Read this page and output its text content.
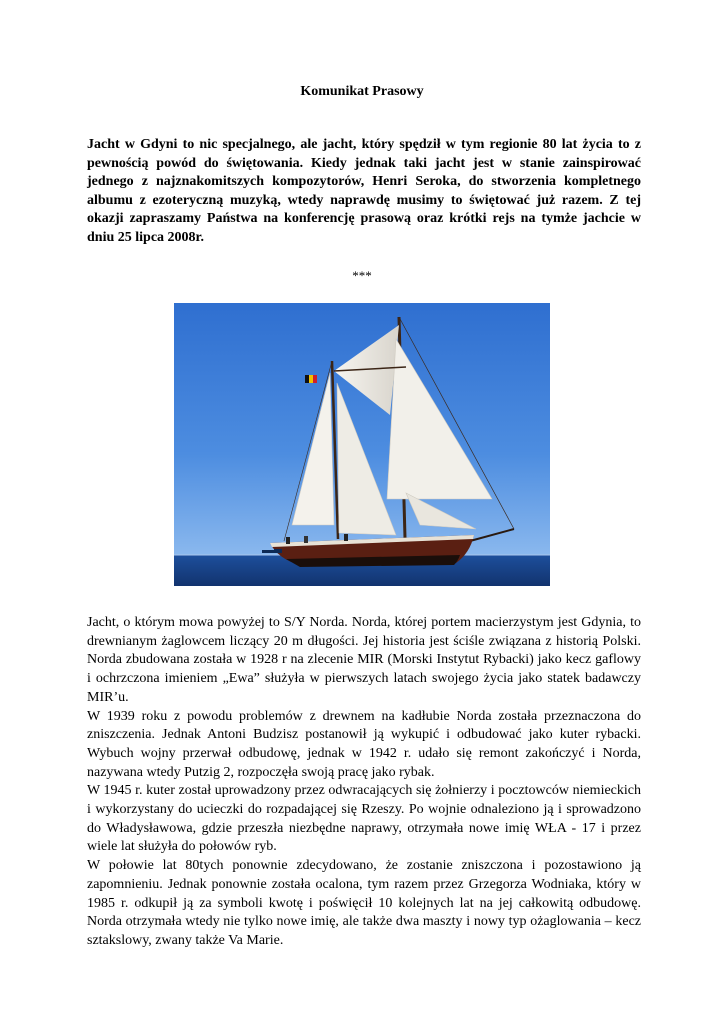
Komunikat Prasowy

Jacht w Gdyni to nic specjalnego, ale jacht, który spędził w tym regionie 80 lat życia to z pewnością powód do świętowania. Kiedy jednak taki jacht jest w stanie zainspirować jednego z najznakomitszych kompozytorów, Henri Seroka, do stworzenia kompletnego albumu z ezoteryczną muzyką, wtedy naprawdę musimy to świętować już razem. Z tej okazji zapraszamy Państwa na konferencję prasową oraz krótki rejs na tymże jachcie w dniu 25 lipca 2008r.

***

Jacht, o którym mowa powyżej to S/Y Norda. Norda, której portem macierzystym jest Gdynia, to drewnianym żaglowcem liczący 20 m długości. Jej historia jest ściśle związana z historią Polski. Norda zbudowana została w 1928 r na zlecenie MIR (Morski Instytut Rybacki) jako kecz gaflowy i ochrzczona imieniem „Ewa” służyła w pierwszych latach swojego życia jako statek badawczy MIR’u.

W 1939 roku z powodu problemów z drewnem na kadłubie Norda została przeznaczona do zniszczenia. Jednak Antoni Budzisz postanowił ją wykupić i odbudować jako kuter rybacki. Wybuch wojny przerwał odbudowę, jednak w 1942 r. udało się remont zakończyć i Norda, nazywana wtedy Putzig 2, rozpoczęła swoją pracę jako rybak.

W 1945 r. kuter został uprowadzony przez odwracających się żołnierzy i pocztowców niemieckich i wykorzystany do ucieczki do rozpadającej się Rzeszy. Po wojnie odnaleziono ją i sprowadzono do Władysławowa, gdzie przeszła niezbędne naprawy, otrzymała nowe imię WŁA - 17 i przez wiele lat służyła do połowów ryb.

W połowie lat 80tych ponownie zdecydowano, że zostanie zniszczona i pozostawiono ją zapomnieniu. Jednak ponownie została ocalona, tym razem przez Grzegorza Wodniaka, który w 1985 r. odkupił ją za symboli kwotę i poświęcił 10 kolejnych lat na jej całkowitą odbudowę. Norda otrzymała wtedy nie tylko nowe imię, ale także dwa maszty i nowy typ ożaglowania – kecz sztakslowy, zwany także Va Marie.
